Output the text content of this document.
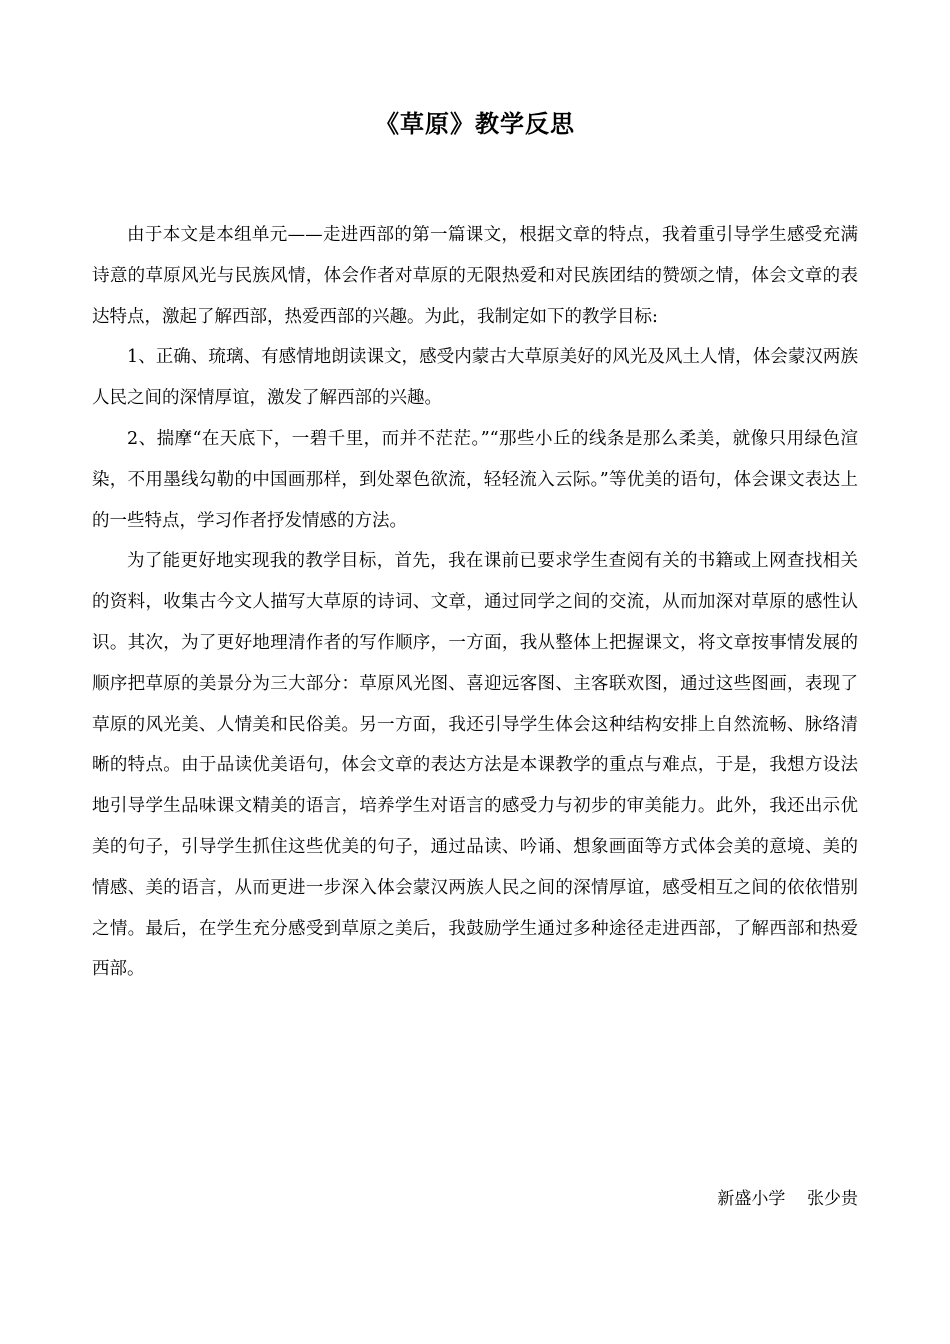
《草原》教学反思

由于本文是本组单元——走进西部的第一篇课文，根据文章的特点，我着重引导学生感受充满诗意的草原风光与民族风情，体会作者对草原的无限热爱和对民族团结的赞颂之情，体会文章的表达特点，激起了解西部，热爱西部的兴趣。为此，我制定如下的教学目标:

1、正确、琉璃、有感情地朗读课文，感受内蒙古大草原美好的风光及风土人情，体会蒙汉两族人民之间的深情厚谊，激发了解西部的兴趣。

2、揣摩“在天底下，一碧千里，而并不茫茫。”“那些小丘的线条是那么柔美，就像只用绿色渲染，不用墨线勾勒的中国画那样，到处翠色欲流，轻轻流入云际。”等优美的语句，体会课文表达上的一些特点，学习作者抒发情感的方法。

为了能更好地实现我的教学目标，首先，我在课前已要求学生查阅有关的书籍或上网查找相关的资料，收集古今文人描写大草原的诗词、文章，通过同学之间的交流，从而加深对草原的感性认识。其次，为了更好地理清作者的写作顺序，一方面，我从整体上把握课文，将文章按事情发展的顺序把草原的美景分为三大部分：草原风光图、喜迎远客图、主客联欢图，通过这些图画，表现了草原的风光美、人情美和民俗美。另一方面，我还引导学生体会这种结构安排上自然流畅、脉络清晰的特点。由于品读优美语句，体会文章的表达方法是本课教学的重点与难点，于是，我想方设法地引导学生品味课文精美的语言，培养学生对语言的感受力与初步的审美能力。此外，我还出示优美的句子，引导学生抓住这些优美的句子，通过品读、吟诵、想象画面等方式体会美的意境、美的情感、美的语言，从而更进一步深入体会蒙汉两族人民之间的深情厚谊，感受相互之间的依依惜别之情。最后，在学生充分感受到草原之美后，我鼓励学生通过多种途径走进西部，了解西部和热爱西部。

新盛小学    张少贵
